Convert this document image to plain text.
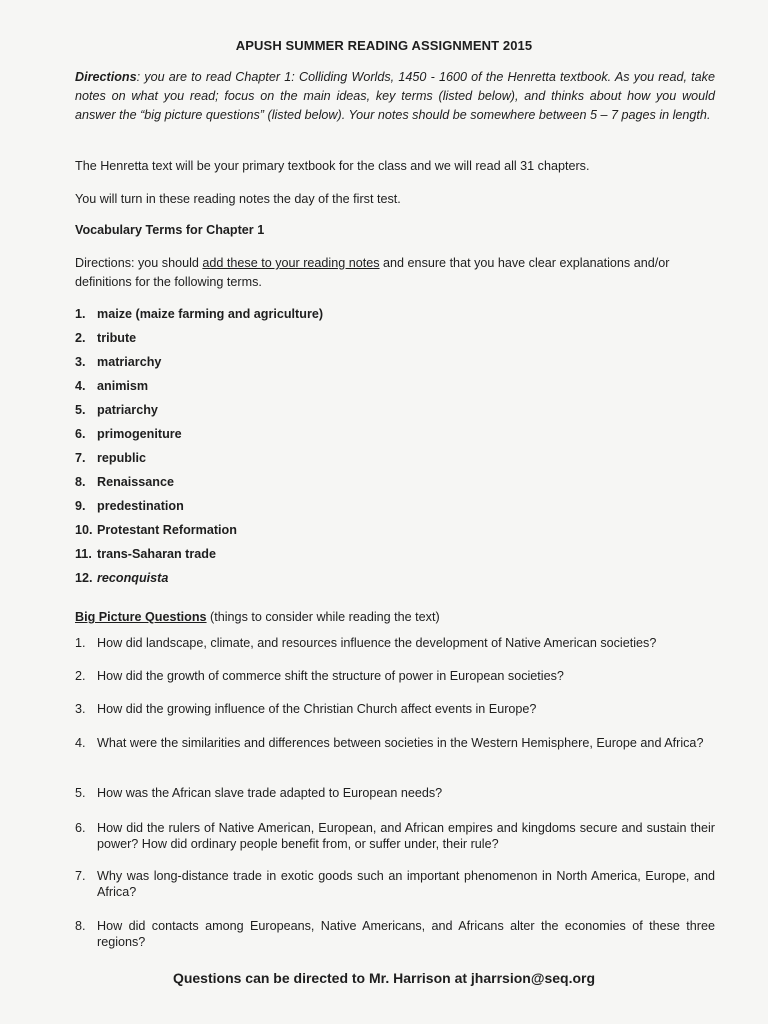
APUSH SUMMER READING ASSIGNMENT 2015
Directions: you are to read Chapter 1: Colliding Worlds, 1450 - 1600 of the Henretta textbook. As you read, take notes on what you read; focus on the main ideas, key terms (listed below), and thinks about how you would answer the “big picture questions” (listed below). Your notes should be somewhere between 5 – 7 pages in length.
The Henretta text will be your primary textbook for the class and we will read all 31 chapters.
You will turn in these reading notes the day of the first test.
Vocabulary Terms for Chapter 1
Directions: you should add these to your reading notes and ensure that you have clear explanations and/or definitions for the following terms.
1. maize (maize farming and agriculture)
2. tribute
3. matriarchy
4. animism
5. patriarchy
6. primogeniture
7. republic
8. Renaissance
9. predestination
10. Protestant Reformation
11. trans-Saharan trade
12. reconquista
Big Picture Questions (things to consider while reading the text)
1. How did landscape, climate, and resources influence the development of Native American societies?
2. How did the growth of commerce shift the structure of power in European societies?
3. How did the growing influence of the Christian Church affect events in Europe?
4. What were the similarities and differences between societies in the Western Hemisphere, Europe and Africa?
5. How was the African slave trade adapted to European needs?
6. How did the rulers of Native American, European, and African empires and kingdoms secure and sustain their power? How did ordinary people benefit from, or suffer under, their rule?
7. Why was long-distance trade in exotic goods such an important phenomenon in North America, Europe, and Africa?
8. How did contacts among Europeans, Native Americans, and Africans alter the economies of these three regions?
Questions can be directed to Mr. Harrison at jharrsion@seq.org
